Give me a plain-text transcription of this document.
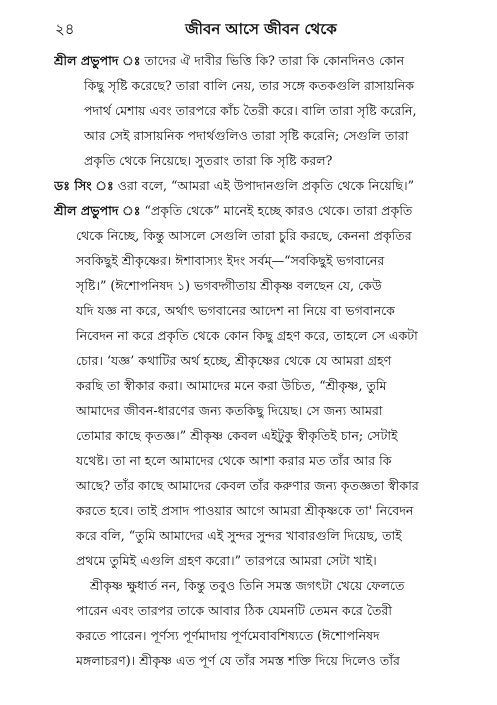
২৪	জীবন আসে জীবন থেকে
শ্রীল প্রভুপাদ ঃ তাদের ঐ দাবীর ভিত্তি কি? তারা কি কোনদিনও কোন
কিছু সৃষ্টি করেছে? তারা বালি নেয়, তার সঙ্গে কতকগুলি রাসায়নিক
পদার্থ মেশায় এবং তারপরে কাঁচ তৈরী করে। বালি তারা সৃষ্টি করেনি,
আর সেই রাসায়নিক পদার্থগুলিও তারা সৃষ্টি করেনি; সেগুলি তারা
প্রকৃতি থেকে নিয়েছে। সুতরাং তারা কি সৃষ্টি করল?
ডঃ সিং ঃ ওরা বলে, “আমরা এই উপাদানগুলি প্রকৃতি থেকে নিয়েছি।”
শ্রীল প্রভুপাদ ঃ “প্রকৃতি থেকে” মানেই হচ্ছে কারও থেকে। তারা প্রকৃতি
থেকে নিচ্ছে, কিন্তু আসলে সেগুলি তারা চুরি করছে, কেননা প্রকৃতির
সবকিছুই শ্রীকৃষ্ণের। ঈশাবাস্যং ইদং সর্বম্‌—“সবকিছুই ভগবানের
সৃষ্টি।” (ঈশোপনিষদ ১) ভগবদ্গীতায় শ্রীকৃষ্ণ বলছেন যে, কেউ
যদি যজ্ঞ না করে, অর্থাৎ ভগবানের আদেশ না নিয়ে বা ভগবানকে
নিবেদন না করে প্রকৃতি থেকে কোন কিছু গ্রহণ করে, তাহলে সে একটা
চোর। ‘যজ্ঞ’ কথাটির অর্থ হচ্ছে, শ্রীকৃষ্ণের থেকে যে আমরা গ্রহণ
করছি তা স্বীকার করা। আমাদের মনে করা উচিত, “শ্রীকৃষ্ণ, তুমি
আমাদের জীবন-ধারণের জন্য কতকিছু দিয়েছ। সে জন্য আমরা
তোমার কাছে কৃতজ্ঞ।” শ্রীকৃষ্ণ কেবল এইটুকু স্বীকৃতিই চান; সেটাই
যথেষ্ট। তা না হলে আমাদের থেকে আশা করার মত তাঁর আর কি
আছে? তাঁর কাছে আমাদের কেবল তাঁর করুণার জন্য কৃতজ্ঞতা স্বীকার
করতে হবে। তাই প্রসাদ পাওয়ার আগে আমরা শ্রীকৃষ্ণকে তা' নিবেদন
করে বলি, “তুমি আমাদের এই সুন্দর সুন্দর খাবারগুলি দিয়েছ, তাই
প্রথমে তুমিই এগুলি গ্রহণ করো।” তারপরে আমরা সেটা খাই।
শ্রীকৃষ্ণ ক্ষুধার্ত নন, কিন্তু তবুও তিনি সমস্ত জগৎটা খেয়ে ফেলতে
পারেন এবং তারপর তাকে আবার ঠিক যেমনটি তেমন করে তৈরী
করতে পারেন। পূর্ণস্য পূর্ণমাদায় পূর্ণমেবাবশিষ্যতে (ঈশোপনিষদ
মঙ্গলাচরণ)। শ্রীকৃষ্ণ এত পূর্ণ যে তাঁর সমস্ত শক্তি দিয়ে দিলেও তাঁর
